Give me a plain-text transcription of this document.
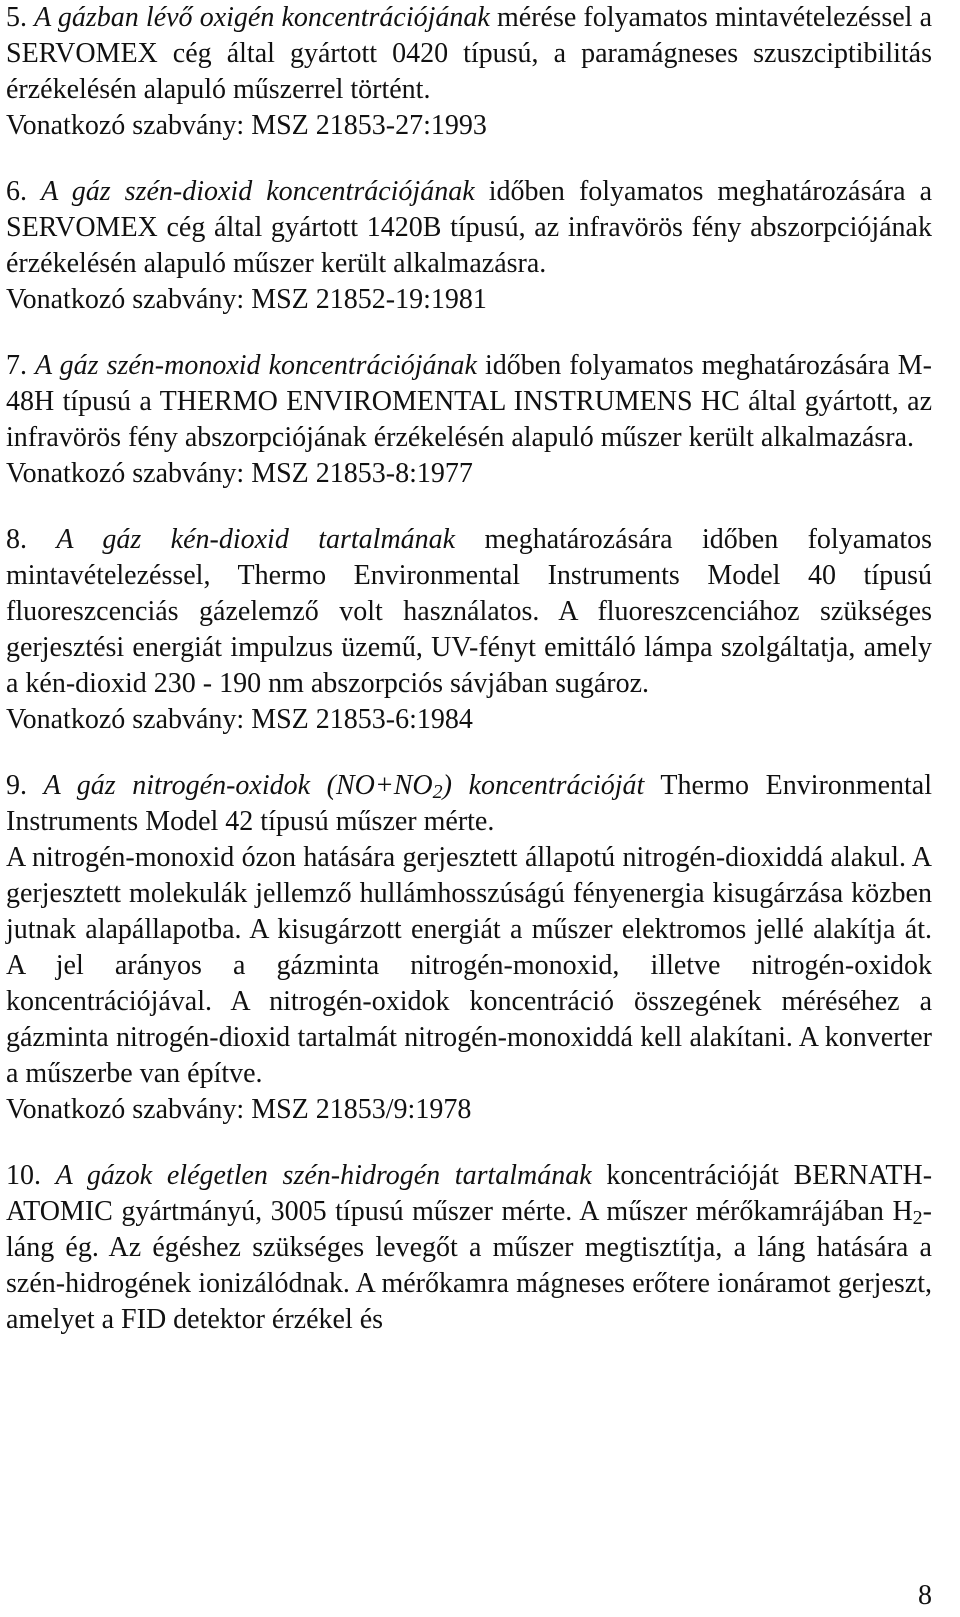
5. A gázban lévő oxigén koncentrációjának mérése folyamatos mintavételezéssel a SERVOMEX cég által gyártott 0420 típusú, a paramágneses szuszciptibilitás érzékelésén alapuló műszerrel történt.

Vonatkozó szabvány: MSZ 21853-27:1993

6. A gáz szén-dioxid koncentrációjának időben folyamatos meghatározására a SERVOMEX cég által gyártott 1420B típusú, az infravörös fény abszorpciójának érzékelésén alapuló műszer került alkalmazásra.

Vonatkozó szabvány: MSZ 21852-19:1981

7. A gáz szén-monoxid koncentrációjának időben folyamatos meghatározására M-48H típusú a THERMO ENVIROMENTAL INSTRUMENS HC által gyártott, az infravörös fény abszorpciójának érzékelésén alapuló műszer került alkalmazásra.

Vonatkozó szabvány: MSZ 21853-8:1977

8. A gáz kén-dioxid tartalmának meghatározására időben folyamatos mintavételezéssel, Thermo Environmental Instruments Model 40 típusú fluoreszcenciás gázelemző volt használatos. A fluoreszcenciához szükséges gerjesztési energiát impulzus üzemű, UV-fényt emittáló lámpa szolgáltatja, amely a kén-dioxid 230 - 190 nm abszorpciós sávjában sugároz.

Vonatkozó szabvány: MSZ 21853-6:1984

9. A gáz nitrogén-oxidok $(NO+NO_2)$ koncentrációját Thermo Environmental Instruments Model 42 típusú műszer mérte.

A nitrogén-monoxid ózon hatására gerjesztett állapotú nitrogén-dioxiddá alakul. A gerjesztett molekulák jellemző hullámhosszúságú fényenergia kisugárzása közben jutnak alapállapotba. A kisugárzott energiát a műszer elektromos jellé alakítja át. A jel arányos a gázminta nitrogén-monoxid, illetve nitrogén-oxidok koncentrációjával. A nitrogén-oxidok koncentráció összegének méréséhez a gázminta nitrogén-dioxid tartalmát nitrogén-monoxiddá kell alakítani. A konverter a műszerbe van építve.

Vonatkozó szabvány: MSZ 21853/9:1978

10. A gázok elégetlen szén-hidrogén tartalmának koncentrációját BERNATH-ATOMIC gyártmányú, 3005 típusú műszer mérte. A műszer mérőkamrájában $H_2$-láng ég. Az égéshez szükséges levegőt a műszer megtisztítja, a láng hatására a szén-hidrogének ionizálódnak. A mérőkamra mágneses erőtere ionáramot gerjeszt, amelyet a FID detektor érzékel és

8
